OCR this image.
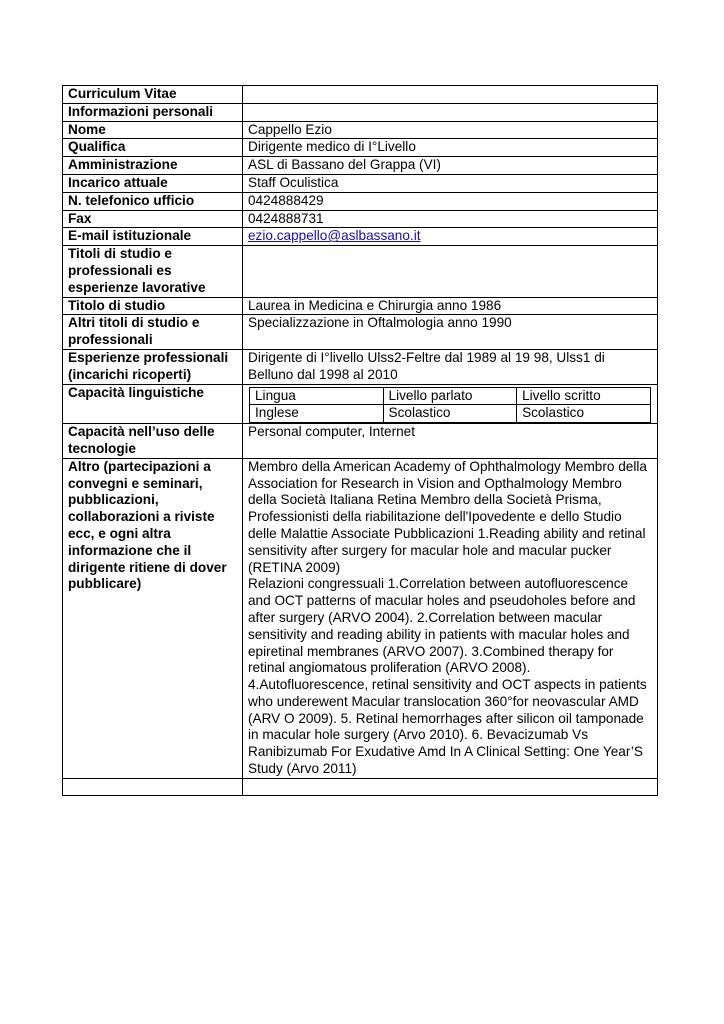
Curriculum Vitae	
Informazioni personali	
Nome	Cappello Ezio
Qualifica	Dirigente medico di I°Livello
Amministrazione	ASL di Bassano del Grappa (VI)
Incarico attuale	Staff Oculistica
N. telefonico ufficio	0424888429
Fax	0424888731
E-mail istituzionale	ezio.cappello@aslbassano.it
Titoli di studio e professionali es esperienze lavorative	
Titolo di studio	Laurea in Medicina e Chirurgia anno 1986
Altri titoli di studio e professionali	Specializzazione in Oftalmologia anno 1990
Esperienze professionali (incarichi ricoperti)	Dirigente di I°livello Ulss2-Feltre dal 1989 al 19 98, Ulss1 di Belluno dal 1998 al 2010
Capacità linguistiche		Lingua	Livello parlato	Livello scritto
Inglese	Scolastico	Scolastico

Capacità nell’uso delle tecnologie	Personal computer, Internet
Altro (partecipazioni a convegni e seminari, pubblicazioni, collaborazioni a riviste ecc, e ogni altra informazione che il dirigente ritiene di dover pubblicare)	Membro della American Academy of Ophthalmology Membro della Association for Research in Vision and Opthalmology Membro della Società Italiana Retina Membro della Società Prisma, Professionisti della riabilitazione dell'Ipovedente e dello Studio delle Malattie Associate Pubblicazioni 1.Reading ability and retinal sensitivity after surgery for macular hole and macular pucker (RETINA 2009)
Relazioni congressuali 1.Correlation between autofluorescence and OCT patterns of macular holes and pseudoholes before and after surgery (ARVO 2004). 2.Correlation between macular sensitivity and reading ability in patients with macular holes and epiretinal membranes (ARVO 2007). 3.Combined therapy for retinal angiomatous proliferation (ARVO 2008). 4.Autofluorescence, retinal sensitivity and OCT aspects in patients who underewent Macular translocation 360°for neovascular AMD (ARV O 2009). 5. Retinal hemorrhages after silicon oil tamponade in macular hole surgery (Arvo 2010). 6. Bevacizumab Vs Ranibizumab For Exudative Amd In A Clinical Setting: One Year’S Study (Arvo 2011)
